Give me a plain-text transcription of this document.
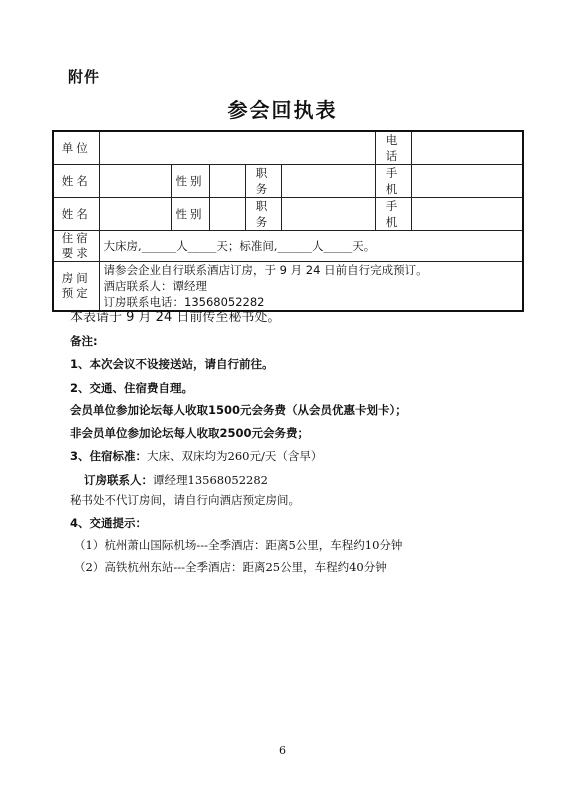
附件
参会回执表
单位						电话	
姓名		性别		职务		手机	
姓名		性别		职务		手机	

住宿
要求	大床房,______人_____天；标准间,______人_____天。						

房间
预定	请参会企业自行联系酒店订房，于 9 月 24 日前自行完成预订。
酒店联系人：谭经理
订房联系电话：13568052282						
本表请于 9 月 24 日前传至秘书处。
备注:
1、本次会议不设接送站，请自行前往。
2、交通、住宿费自理。
会员单位参加论坛每人收取1500元会务费（从会员优惠卡划卡）；
非会员单位参加论坛每人收取2500元会务费；
3、住宿标准：大床、双床均为260元/天（含早）
订房联系人：谭经理13568052282
秘书处不代订房间，请自行向酒店预定房间。
4、交通提示：
（1）杭州萧山国际机场---全季酒店：距离5公里，车程约10分钟
（2）高铁杭州东站---全季酒店：距离25公里，车程约40分钟
6
